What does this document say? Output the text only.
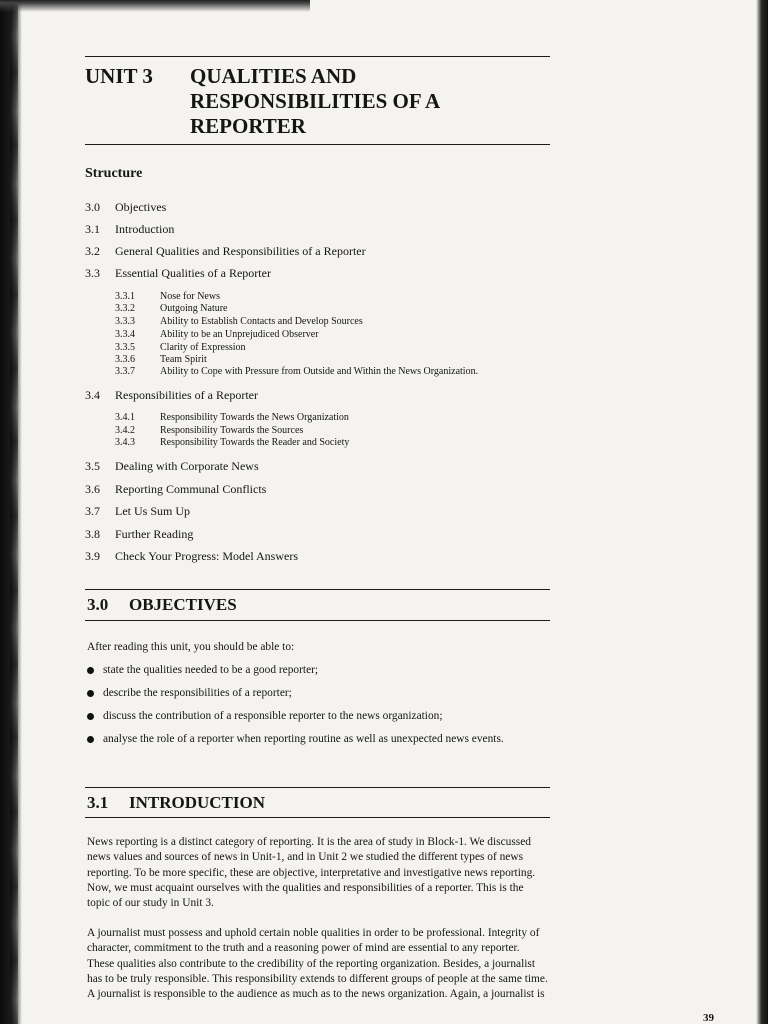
UNIT 3 QUALITIES AND
RESPONSIBILITIES OF A
REPORTER
Structure
3.0 Objectives
3.1 Introduction
3.2 General Qualities and Responsibilities of a Reporter
3.3 Essential Qualities of a Reporter
3.3.1	Nose for News
3.3.2	Outgoing Nature
3.3.3	Ability to Establish Contacts and Develop Sources
3.3.4	Ability to be an Unprejudiced Observer
3.3.5	Clarity of Expression
3.3.6	Team Spirit
3.3.7	Ability to Cope with Pressure from Outside and Within the News Organization.
3.4 Responsibilities of a Reporter
3.4.1	Responsibility Towards the News Organization
3.4.2	Responsibility Towards the Sources
3.4.3	Responsibility Towards the Reader and Society
3.5 Dealing with Corporate News
3.6 Reporting Communal Conflicts
3.7 Let Us Sum Up
3.8 Further Reading
3.9 Check Your Progress: Model Answers
3.0 OBJECTIVES
After reading this unit, you should be able to:
state the qualities needed to be a good reporter;
describe the responsibilities of a reporter;
discuss the contribution of a responsible reporter to the news organization;
analyse the role of a reporter when reporting routine as well as unexpected news events.
3.1 INTRODUCTION
News reporting is a distinct category of reporting. It is the area of study in Block-1. We discussed news values and sources of news in Unit-1, and in Unit 2 we studied the different types of news reporting. To be more specific, these are objective, interpretative and investigative news reporting. Now, we must acquaint ourselves with the qualities and responsibilities of a reporter. This is the topic of our study in Unit 3.
A journalist must possess and uphold certain noble qualities in order to be professional. Integrity of character, commitment to the truth and a reasoning power of mind are essential to any reporter. These qualities also contribute to the credibility of the reporting organization. Besides, a journalist has to be truly responsible. This responsibility extends to different groups of people at the same time. A journalist is responsible to the audience as much as to the news organization. Again, a journalist is
39
